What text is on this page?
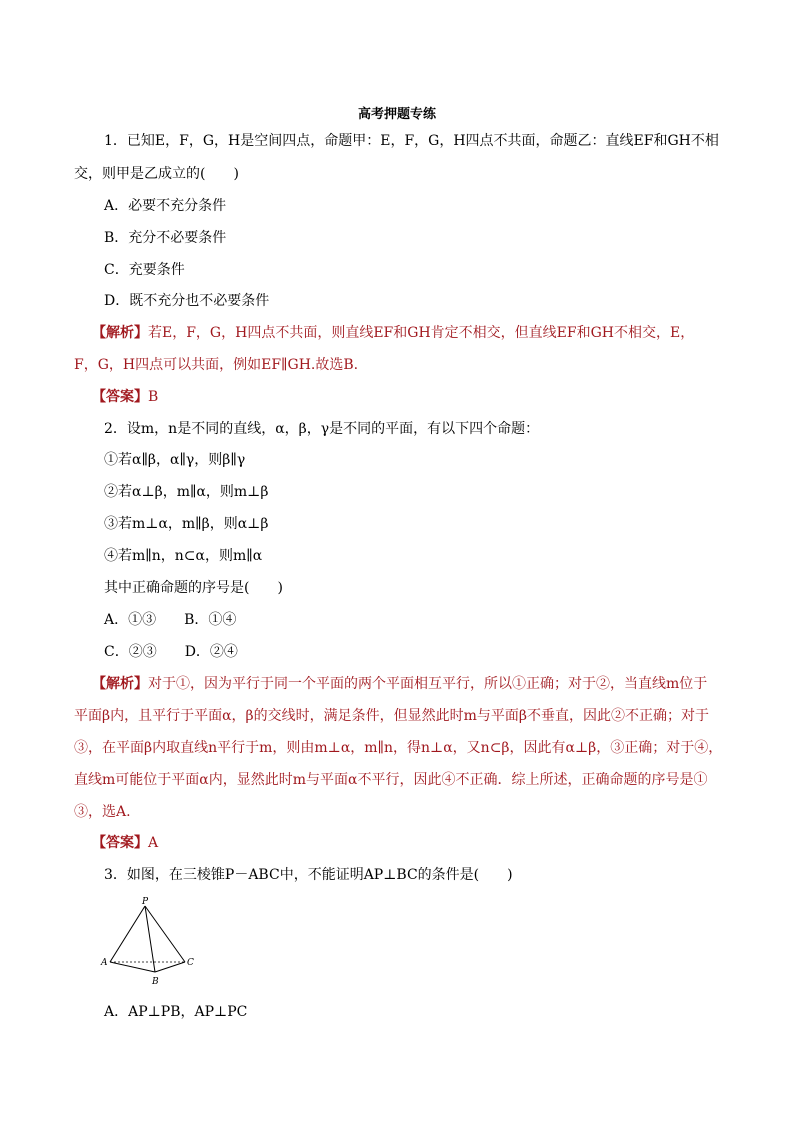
高考押题专练
1．已知E，F，G，H是空间四点，命题甲：E，F，G，H四点不共面，命题乙：直线EF和GH不相
交，则甲是乙成立的(　　)
A．必要不充分条件
B．充分不必要条件
C．充要条件
D．既不充分也不必要条件
【解析】若E，F，G，H四点不共面，则直线EF和GH肯定不相交，但直线EF和GH不相交，E，
F，G，H四点可以共面，例如EF∥GH.故选B.
【答案】B
2．设m，n是不同的直线，α，β，γ是不同的平面，有以下四个命题：
①若α∥β，α∥γ，则β∥γ
②若α⊥β，m∥α，则m⊥β
③若m⊥α，m∥β，则α⊥β
④若m∥n，n⊂α，则m∥α
其中正确命题的序号是(　　)
A．①③　　B．①④
C．②③　　D．②④
【解析】对于①，因为平行于同一个平面的两个平面相互平行，所以①正确；对于②，当直线m位于
平面β内，且平行于平面α，β的交线时，满足条件，但显然此时m与平面β不垂直，因此②不正确；对于
③，在平面β内取直线n平行于m，则由m⊥α，m∥n，得n⊥α，又n⊂β，因此有α⊥β，③正确；对于④，
直线m可能位于平面α内，显然此时m与平面α不平行，因此④不正确．综上所述，正确命题的序号是①
③，选A.
【答案】A
3．如图，在三棱锥P－ABC中，不能证明AP⊥BC的条件是(　　)
P
A
B
C
A．AP⊥PB，AP⊥PC
